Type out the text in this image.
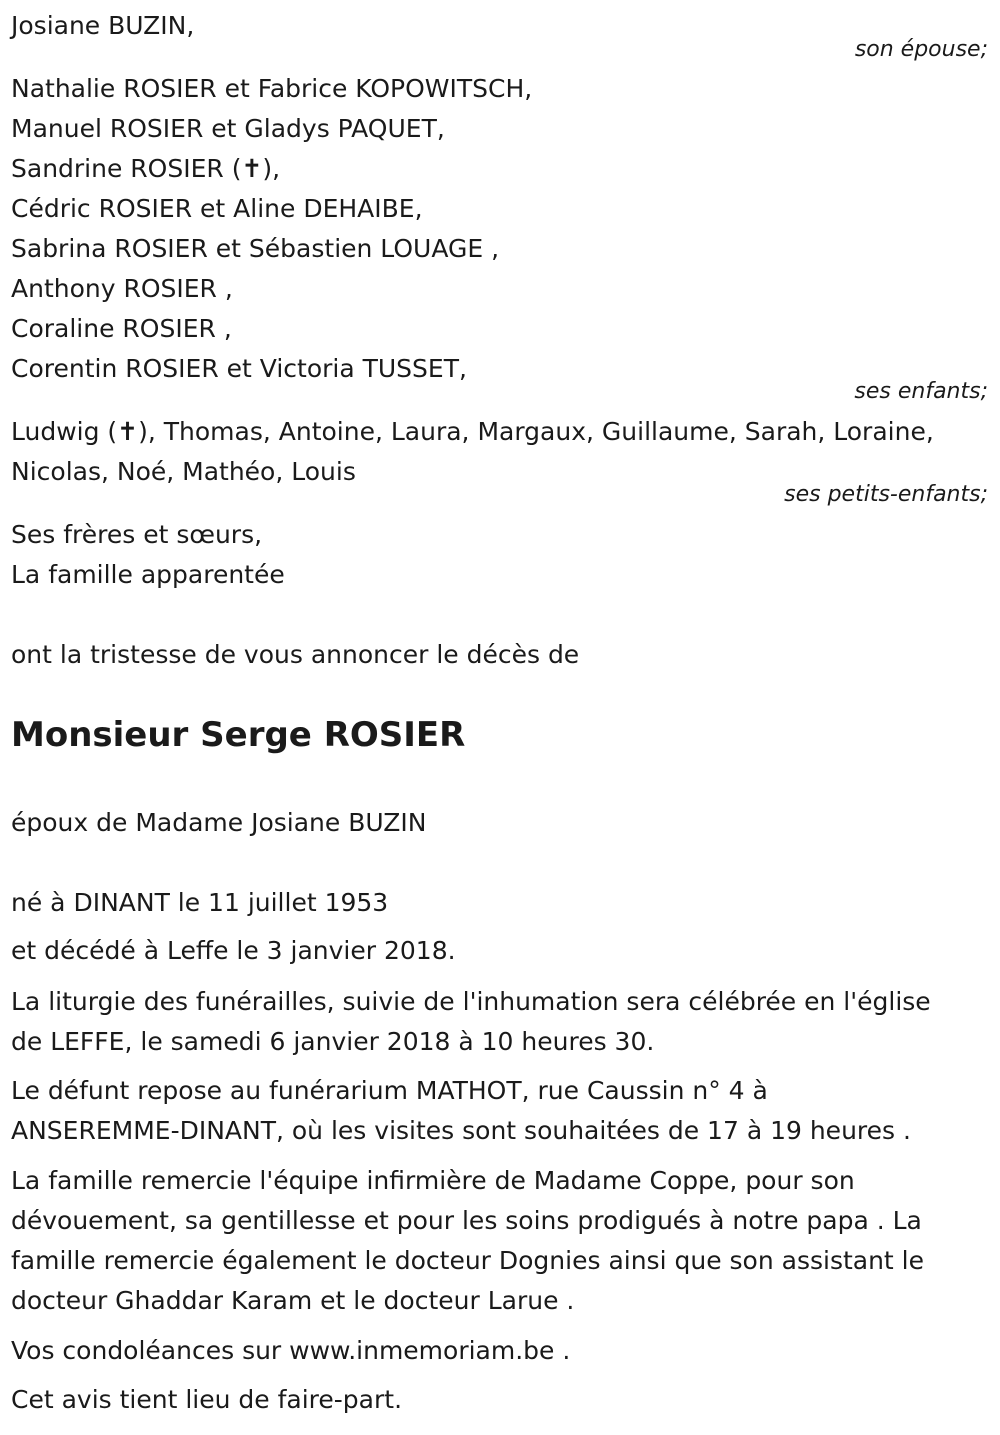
Josiane BUZIN,

son épouse;

Nathalie ROSIER et Fabrice KOPOWITSCH,

Manuel ROSIER et Gladys PAQUET,

Sandrine ROSIER (✝),

Cédric ROSIER et Aline DEHAIBE,

Sabrina ROSIER et Sébastien LOUAGE ,

Anthony ROSIER ,

Coraline ROSIER ,

Corentin ROSIER et Victoria TUSSET,

ses enfants;

Ludwig (✝), Thomas, Antoine, Laura, Margaux, Guillaume, Sarah, Loraine,

Nicolas, Noé, Mathéo, Louis

ses petits-enfants;

Ses frères et sœurs,

La famille apparentée

ont la tristesse de vous annoncer le décès de

Monsieur Serge ROSIER

époux de Madame Josiane BUZIN

né à DINANT le 11 juillet 1953

et décédé à Leffe le 3 janvier 2018.

La liturgie des funérailles, suivie de l'inhumation sera célébrée en l'église

de LEFFE, le samedi 6 janvier 2018 à 10 heures 30.

Le défunt repose au funérarium MATHOT, rue Caussin n° 4 à

ANSEREMME-DINANT, où les visites sont souhaitées de 17 à 19 heures .

La famille remercie l'équipe infirmière de Madame Coppe, pour son

dévouement, sa gentillesse et pour les soins prodigués à notre papa . La

famille remercie également le docteur Dognies ainsi que son assistant le

docteur Ghaddar Karam et le docteur Larue .

Vos condoléances sur www.inmemoriam.be .

Cet avis tient lieu de faire-part.
